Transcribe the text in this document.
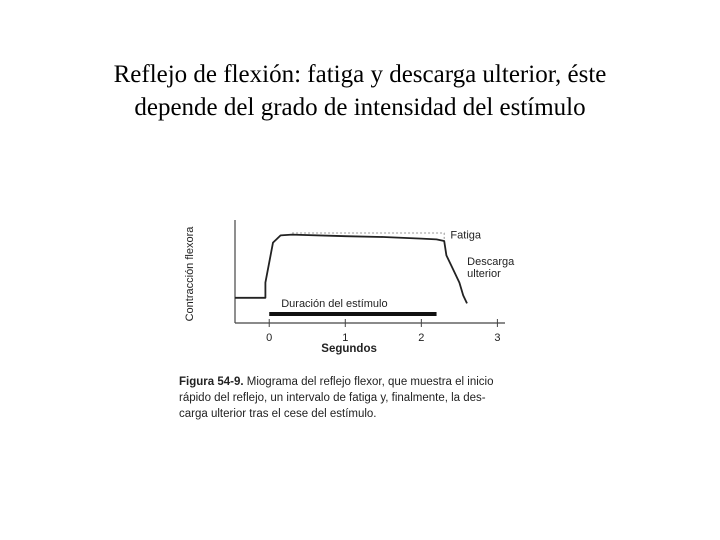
Reflejo de flexión: fatiga y descarga ulterior, éste
depende del grado de intensidad del estímulo
0	1	2	3
Segundos
Contracción flexora	Duración del estímulo
Fatiga
Descarga
ulterior
Figura 54-9. Miograma del reflejo flexor, que muestra el inicio
rápido del reflejo, un intervalo de fatiga y, finalmente, la des-
carga ulterior tras el cese del estímulo.
